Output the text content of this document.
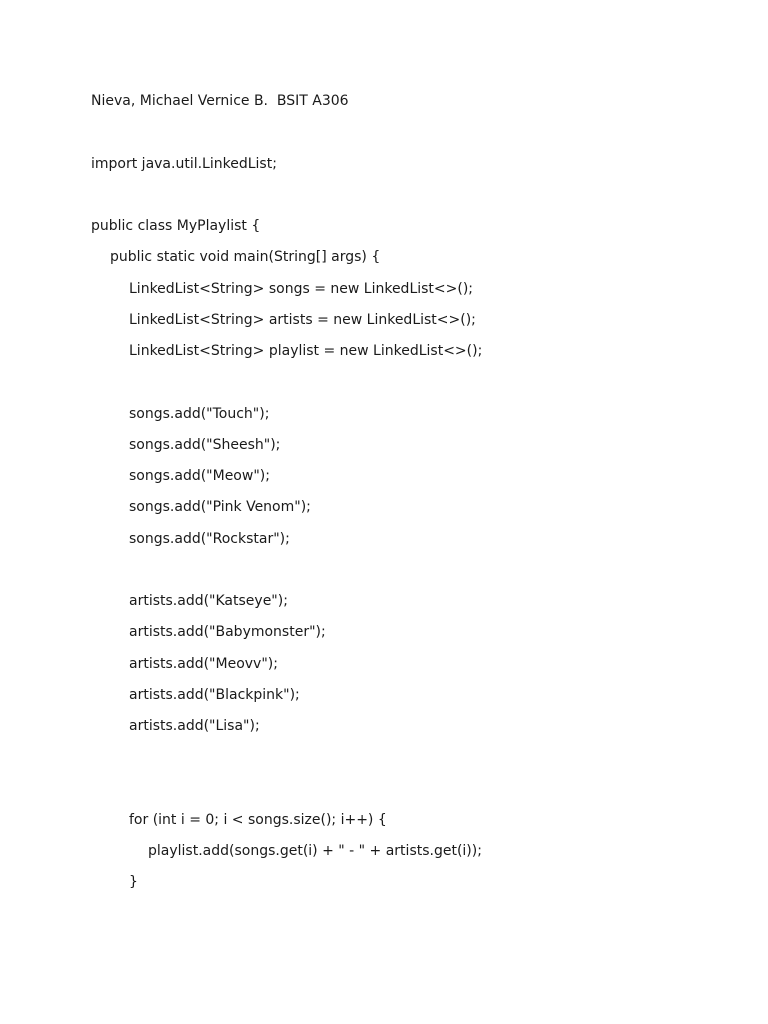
Nieva, Michael Vernice B.  BSIT A306
import java.util.LinkedList;
public class MyPlaylist {
public static void main(String[] args) {
LinkedList<String> songs = new LinkedList<>();
LinkedList<String> artists = new LinkedList<>();
LinkedList<String> playlist = new LinkedList<>();
songs.add("Touch");
songs.add("Sheesh");
songs.add("Meow");
songs.add("Pink Venom");
songs.add("Rockstar");
artists.add("Katseye");
artists.add("Babymonster");
artists.add("Meovv");
artists.add("Blackpink");
artists.add("Lisa");
for (int i = 0; i < songs.size(); i++) {
playlist.add(songs.get(i) + " - " + artists.get(i));
}
